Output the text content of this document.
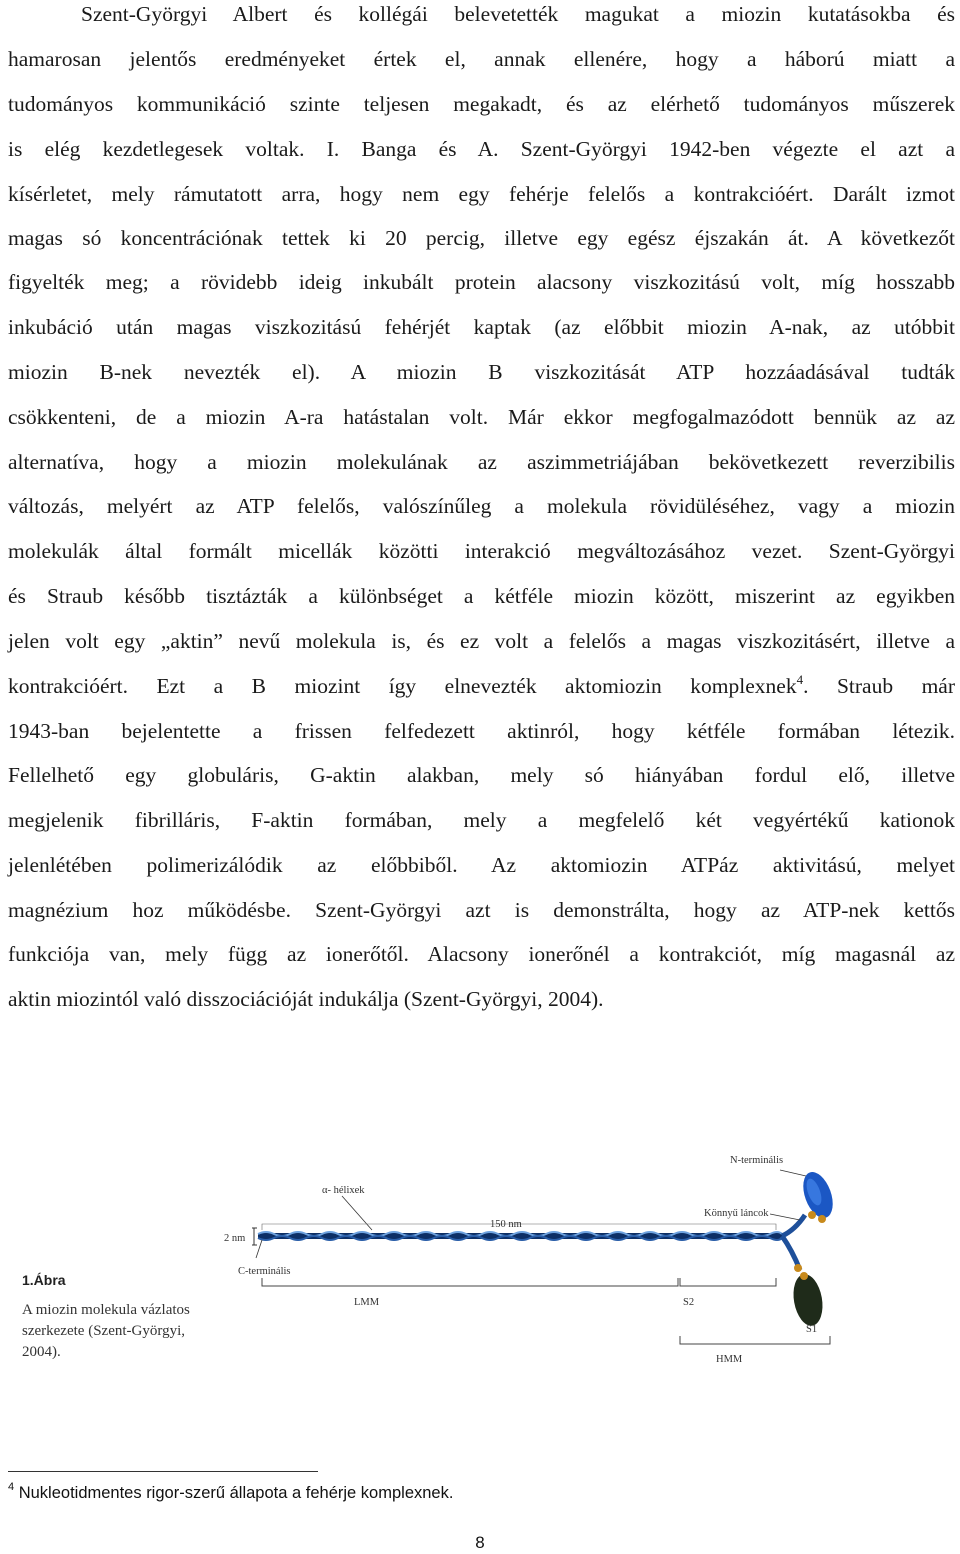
Szent-Györgyi Albert és kollégái belevetették magukat a miozin kutatásokba és
hamarosan jelentős eredményeket értek el, annak ellenére, hogy a háború miatt a
tudományos kommunikáció szinte teljesen megakadt, és az elérhető tudományos műszerek
is elég kezdetlegesek voltak. I. Banga és A. Szent-Györgyi 1942-ben végezte el azt a
kísérletet, mely rámutatott arra, hogy nem egy fehérje felelős a kontrakcióért. Darált izmot
magas só koncentrációnak tettek ki 20 percig, illetve egy egész éjszakán át. A következőt
figyelték meg; a rövidebb ideig inkubált protein alacsony viszkozitású volt, míg hosszabb
inkubáció után magas viszkozitású fehérjét kaptak (az előbbit miozin A-nak, az utóbbit
miozin B-nek nevezték el). A miozin B viszkozitását ATP hozzáadásával tudták
csökkenteni, de a miozin A-ra hatástalan volt. Már ekkor megfogalmazódott bennük az az
alternatíva, hogy a miozin molekulának az aszimmetriájában bekövetkezett reverzibilis
változás, melyért az ATP felelős, valószínűleg a molekula rövidüléséhez, vagy a miozin
molekulák által formált micellák közötti interakció megváltozásához vezet. Szent-Györgyi
és Straub később tisztázták a különbséget a kétféle miozin között, miszerint az egyikben
jelen volt egy „aktin” nevű molekula is, és ez volt a felelős a magas viszkozitásért, illetve a
kontrakcióért. Ezt a B miozint így elnevezték aktomiozin komplexnek$^4$. Straub már
1943-ban bejelentette a frissen felfedezett aktinról, hogy kétféle formában létezik.
Fellelhető egy globuláris, G-aktin alakban, mely só hiányában fordul elő, illetve
megjelenik fibrilláris, F-aktin formában, mely a megfelelő két vegyértékű kationok
jelenlétében polimerizálódik az előbbiből. Az aktomiozin ATPáz aktivitású, melyet
magnézium hoz működésbe. Szent-Györgyi azt is demonstrálta, hogy az ATP-nek kettős
funkciója van, mely függ az ionerőtől. Alacsony ionerőnél a kontrakciót, míg magasnál az
aktin miozintól való disszociációját indukálja (Szent-Györgyi, 2004).
α- hélixek
150 nm
2 nm
C-terminális
N-terminális
Könnyű láncok
LMM	S2
S1
HMM
1.Ábra
A miozin molekula vázlatos szerkezete (Szent-Györgyi, 2004).
$^4$ Nukleotidmentes rigor-szerű állapota a fehérje komplexnek.
8
